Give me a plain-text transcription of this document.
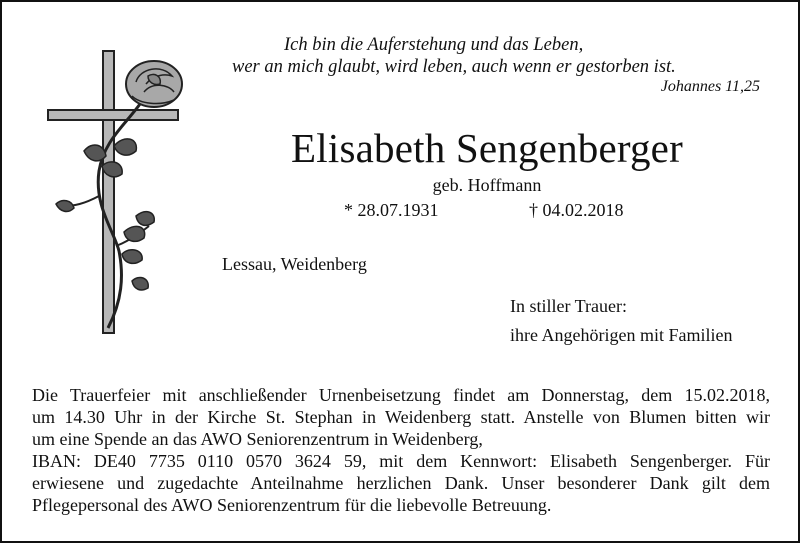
Ich bin die Auferstehung und das Leben,
wer an mich glaubt, wird leben, auch wenn er gestorben ist.
Johannes 11,25
Elisabeth Sengenberger
geb. Hoffmann
* 28.07.1931	† 04.02.2018
Lessau, Weidenberg
In stiller Trauer:
ihre Angehörigen mit Familien
Die Trauerfeier mit anschließender Urnenbeisetzung findet am Donnerstag, dem 15.02.2018,
um 14.30 Uhr in der Kirche St. Stephan in Weidenberg statt. Anstelle von Blumen bitten wir
um eine Spende an das AWO Seniorenzentrum in Weidenberg,
IBAN: DE40 7735 0110 0570 3624 59, mit dem Kennwort: Elisabeth Sengenberger. Für
erwiesene und zugedachte Anteilnahme herzlichen Dank. Unser besonderer Dank gilt dem
Pflegepersonal des AWO Seniorenzentrum für die liebevolle Betreuung.
